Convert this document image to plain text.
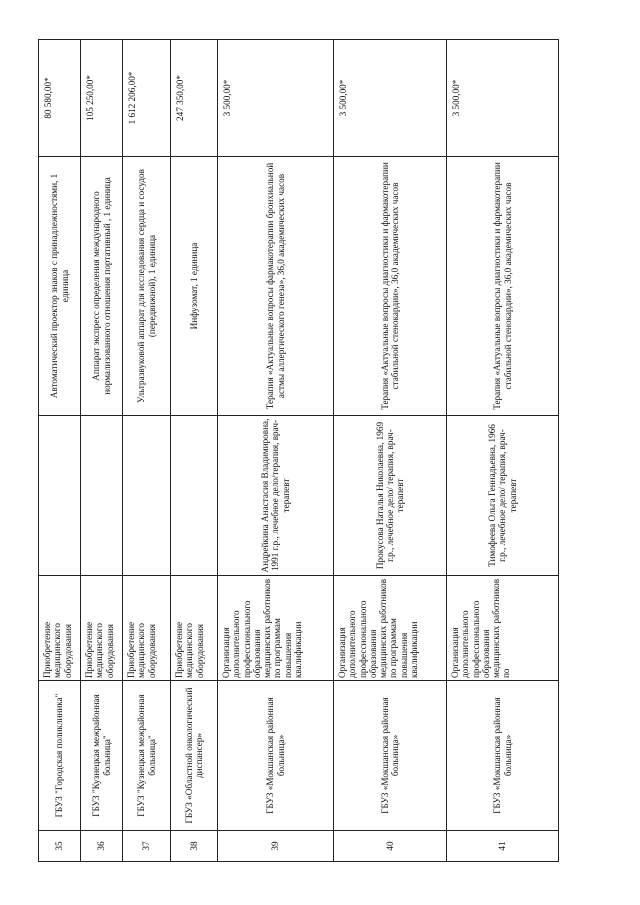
35	ГБУЗ "Городская поликлиника"	Приобретение медицинского оборудования		Автоматический проектор знаков с принадлежностями, 1 единица	80 580,00*
36	ГБУЗ "Кузнецкая межрайонная больница"	Приобретение медицинского оборудования		Аппарат экспресс определения международного нормализованного отношения портативный , 1 единица	105 250,00*
37	ГБУЗ "Кузнецкая межрайонная больница"	Приобретение медицинского оборудования		Ультразвуковой аппарат для исследования сердца и сосудов (передвижной), 1 единица	1 612 206,00*
38	ГБУЗ «Областной онкологический диспансер»	Приобретение медицинского оборудования		Инфузомат, 1 единица	247 350,00*
39	ГБУЗ «Мокшанская районная больница»	Организация дополнительного профессионального образования медицинских работников по программам повышения квалификации	Андрейкина Анастасия Владимировна, 1991 г.р., лечебное дело/терапия, врач-терапевт	Терапия «Актуальные вопросы фармакотерапии бронхиальной астмы аллергического генеза», 36,0 академических часов	3 500,00*
40	ГБУЗ «Мокшанская районная больница»	Организация дополнительного профессионального образования медицинских работников по программам повышения квалификации	Прокусова Наталья Николаевна, 1969 г.р., лечебное дело/ терапия, врач-терапевт	Терапия «Актуальные вопросы диагностики и фармакотерапии стабильной стенокардии», 36,0 академических часов	3 500,00*
41	ГБУЗ «Мокшанская районная больница»	Организация дополнительного профессионального образования медицинских работников по	Тимофеева Ольга Геннадьевна, 1966 г.р., лечебное дело/ терапия, врач-терапевт	Терапия «Актуальные вопросы диагностики и фармакотерапии стабильной стенокардии», 36,0 академических часов	3 500,00*
